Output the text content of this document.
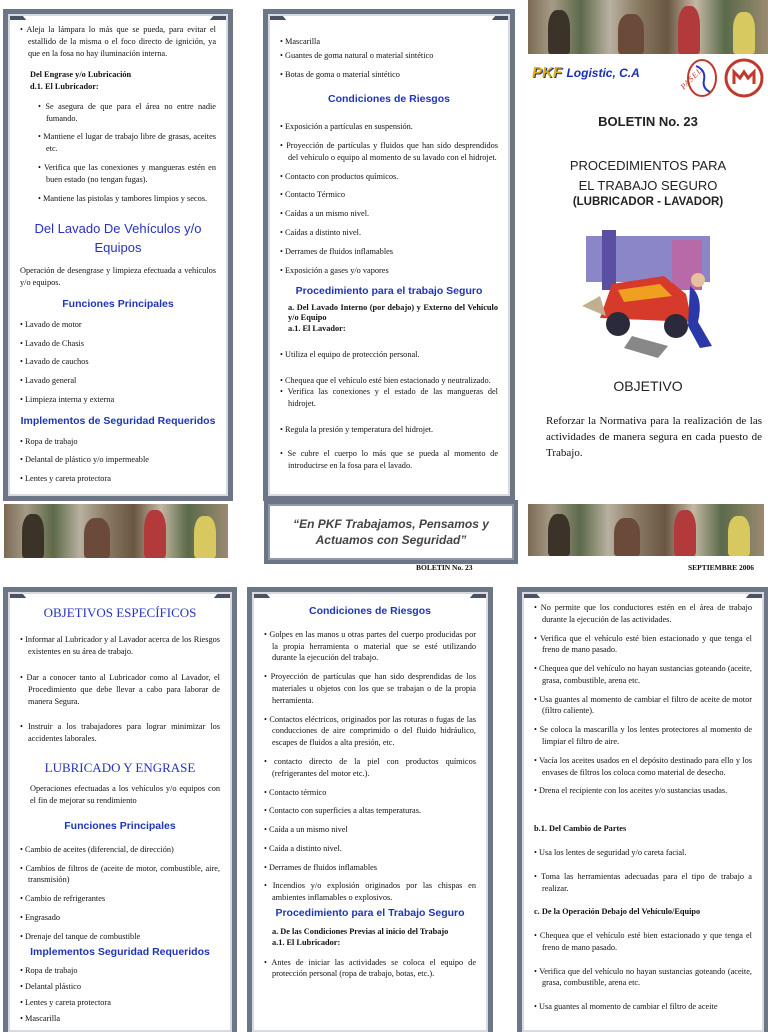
• Aleja la lámpara lo más que se pueda, para evitar el estallido de la misma o el foco directo de ignición, ya que en la fosa no hay iluminación interna.

Del Engrase y/o Lubricación
d.1. El Lubricador:

• Se asegura de que para el área no entre nadie fumando.

• Mantiene el lugar de trabajo libre de grasas, aceites etc.

• Verifica que las conexiones y mangueras estén en buen estado (no tengan fugas).

• Mantiene las pistolas y tambores limpios y secos.

Del Lavado De Vehículos y/o Equipos

Operación de desengrase y limpieza efectuada a vehículos y/o equipos.

Funciones Principales

• Lavado de motor

• Lavado de Chasis

• Lavado de cauchos

• Lavado general

• Limpieza interna y externa

Implementos de Seguridad Requeridos

• Ropa de trabajo

• Delantal de plástico y/o impermeable

• Lentes y careta protectora

• Mascarilla

• Guantes de goma natural o material sintético

• Botas de goma o material sintético

Condiciones de Riesgos

• Exposición a partículas en suspensión.

• Proyección de partículas y fluidos que han sido desprendidos del vehículo o equipo al momento de su lavado con el hidrojet.

• Contacto con productos químicos.

• Contacto Térmico

• Caídas a un mismo nivel.

• Caídas a distinto nivel.

• Derrames de fluidos inflamables

• Exposición a gases y/o vapores

Procedimiento para el trabajo Seguro
a. Del Lavado Interno (por debajo) y Externo del Vehículo y/o Equipo
a.1. El Lavador:

• Utiliza el equipo de protección personal.

• Chequea que el vehículo esté bien estacionado y neutralizado.

• Verifica las conexiones y el estado de las mangueras del hidrojet.

• Regula la presión y temperatura del hidrojet.

• Se cubre el cuerpo lo más que se pueda al momento de introducirse en la fosa para el lavado.

PKF Logistic, C.A	PASEL
BOLETIN No. 23
PROCEDIMIENTOS PARA
EL TRABAJO SEGURO
(LUBRICADOR - LAVADOR)
OBJETIVO
Reforzar la Normativa para la realización de las actividades de manera segura en cada puesto de Trabajo.
“En PKF Trabajamos, Pensamos y Actuamos con Seguridad”
BOLETIN No. 23	SEPTIEMBRE 2006
OBJETIVOS ESPECÍFICOS

• Informar al Lubricador y al Lavador acerca de los Riesgos existentes en su área de trabajo.

• Dar a conocer tanto al Lubricador como al Lavador, el Procedimiento que debe llevar a cabo para laborar de manera Segura.

• Instruir a los trabajadores para lograr minimizar los accidentes laborales.

LUBRICADO Y ENGRASE

Operaciones efectuadas a los vehículos y/o equipos con el fin de mejorar su rendimiento

Funciones Principales

• Cambio de aceites (diferencial, de dirección)

• Cambios de filtros de (aceite de motor, combustible, aire, transmisión)

• Cambio de refrigerantes

• Engrasado

• Drenaje del tanque de combustible

Implementos Seguridad Requeridos

• Ropa de trabajo

• Delantal plástico

• Lentes y careta protectora

• Mascarilla

Condiciones de Riesgos

• Golpes en las manos u otras partes del cuerpo producidas por la propia herramienta o material que se esté utilizando durante la ejecución del trabajo.

• Proyección de partículas que han sido desprendidas de los materiales u objetos con los que se trabajan o de la propia herramienta.

• Contactos eléctricos, originados por las roturas o fugas de las conducciones de aire comprimido o del fluido hidráulico, escapes de fluidos a alta presión, etc.

• contacto directo de la piel con productos químicos (refrigerantes del motor etc.).

• Contacto térmico

• Contacto con superficies a altas temperaturas.

• Caída a un mismo nivel

• Caída a distinto nivel.

• Derrames de fluidos inflamables

• Incendios y/o explosión originados por las chispas en ambientes inflamables o explosivos.

Procedimiento para el Trabajo Seguro
a. De las Condiciones Previas al inicio del Trabajo
a.1. El Lubricador:

• Antes de iniciar las actividades se coloca el equipo de protección personal (ropa de trabajo, botas, etc.).

• No permite que los conductores estén en el área de trabajo durante la ejecución de las actividades.

• Verifica que el vehículo esté bien estacionado y que tenga el freno de mano pasado.

• Chequea que del vehículo no hayan sustancias goteando (aceite, grasa, combustible, arena etc.

• Usa guantes al momento de cambiar el filtro de aceite de motor (filtro caliente).

• Se coloca la mascarilla y los lentes protectores al momento de limpiar el filtro de aire.

• Vacía los aceites usados en el depósito destinado para ello y los envases de filtros los coloca como material de desecho.

• Drena el recipiente con los aceites y/o sustancias usadas.

b.1. Del Cambio de Partes

• Usa los lentes de seguridad y/o careta facial.

• Toma las herramientas adecuadas para el tipo de trabajo a realizar.

c. De la Operación Debajo del Vehículo/Equipo

• Chequea que el vehículo esté bien estacionado y que tenga el freno de mano pasado.

• Verifica que del vehículo no hayan sustancias goteando (aceite, grasa, combustible, arena etc.

• Usa guantes al momento de cambiar el filtro de aceite
